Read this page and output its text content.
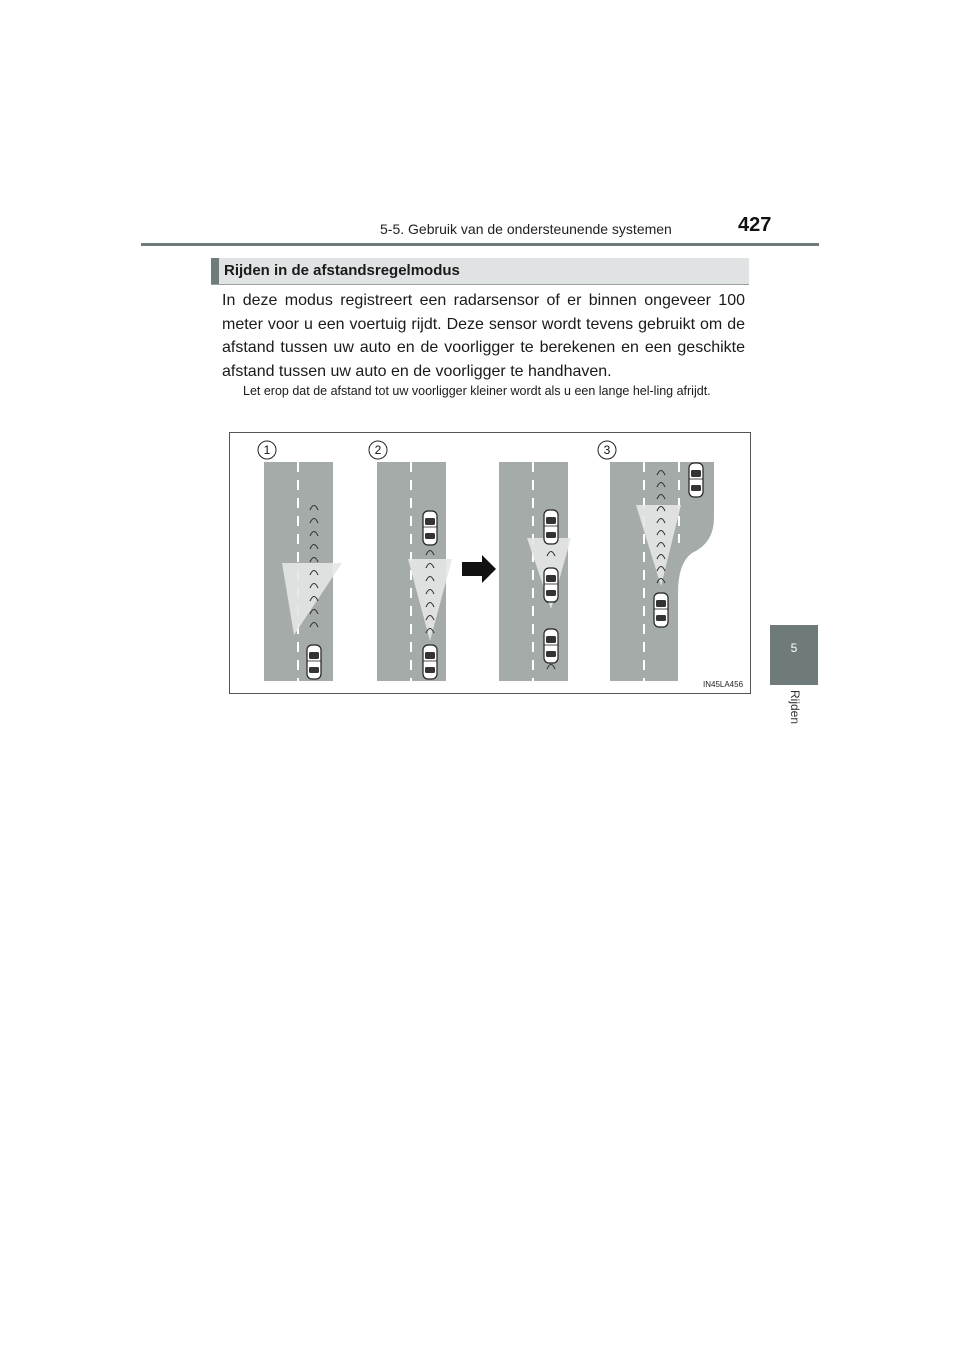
5-5. Gebruik van de ondersteunende systemen	427
Rijden in de afstandsregelmodus
In deze modus registreert een radarsensor of er binnen ongeveer 100 meter voor u een voertuig rijdt. Deze sensor wordt tevens gebruikt om de afstand tussen uw auto en de voorligger te berekenen en een geschikte afstand tussen uw auto en de voorligger te handhaven.
Let erop dat de afstand tot uw voorligger kleiner wordt als u een lange hel-ling afrijdt.
1	2	3
IN45LA456
5
Rijden
